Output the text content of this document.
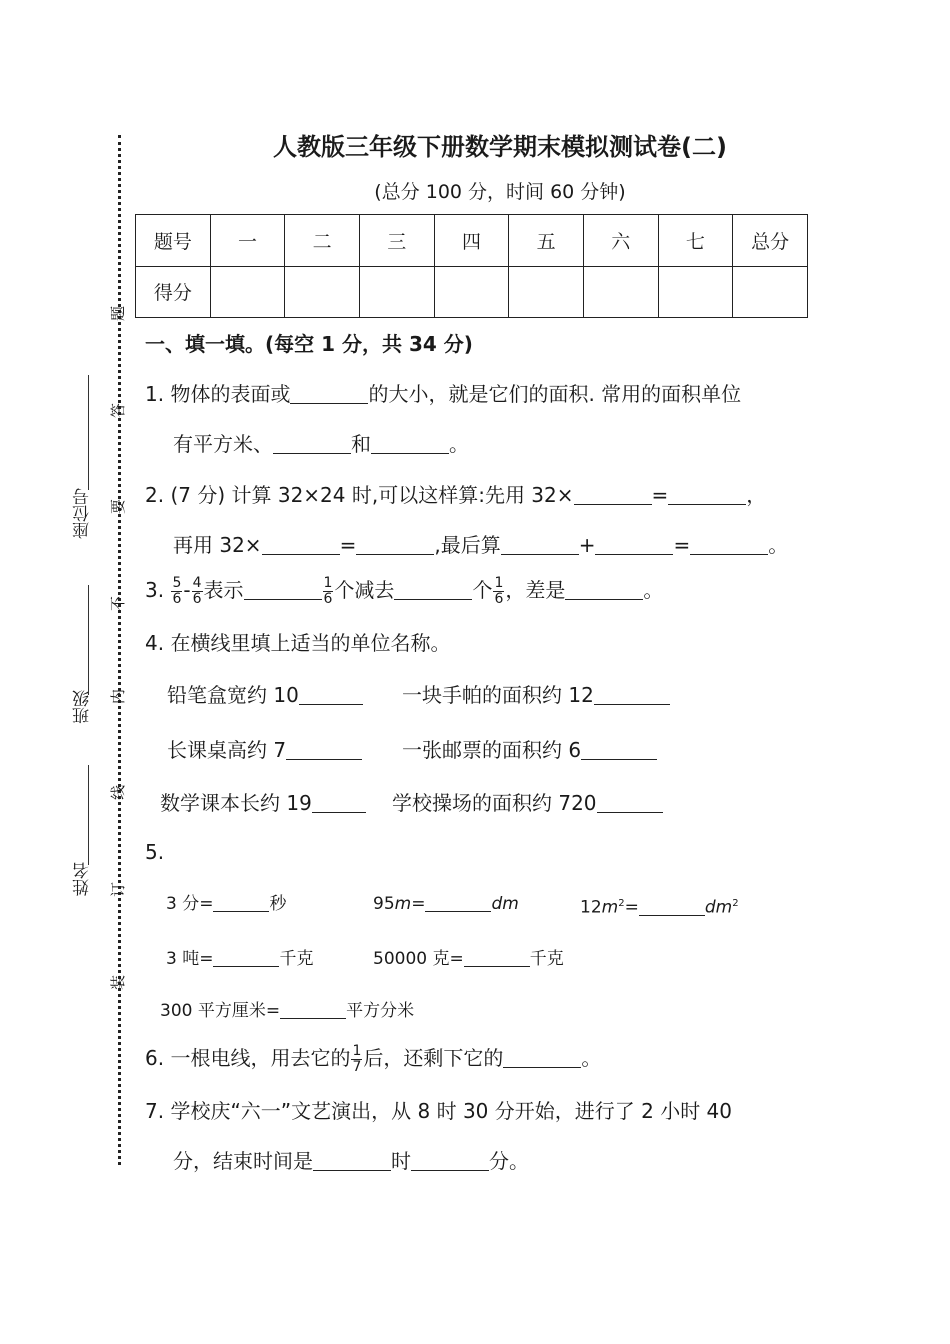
座位号
班级
姓名
题
答
要
不
内
线
订
装
人教版三年级下册数学期末模拟测试卷(二)
(总分 100 分，时间 60 分钟)
题号	一	二	三	四	五	六	七	总分
得分								
一、填一填。(每空 1 分，共 34 分)
1. 物体的表面或	的大小，就是它们的面积. 常用的面积单位
有平方米、	和	。
2. (7 分) 计算 32×24 时,可以这样算:先用 32×	=	，
再用 32×	=	,最后算	+	=	。
3. $\frac{5}{6} - \frac{4}{6}$ 表示	$\frac{1}{6}$ 个减去	个 $\frac{1}{6}$ ，差是	。
4. 在横线里填上适当的单位名称。
铅笔盒宽约 10	一块手帕的面积约 12
长课桌高约 7	一张邮票的面积约 6
数学课本长约 19	学校操场的面积约 720
5.
3 分=	秒	95m=	dm	$12m^2=$	$dm^2$
3 吨=	千克	50000 克=	千克
300 平方厘米=	平方分米
6. 一根电线，用去它的 $\frac{1}{7}$ 后，还剩下它的	。
7. 学校庆“六一”文艺演出，从 8 时 30 分开始，进行了 2 小时 40
分，结束时间是	时	分。
